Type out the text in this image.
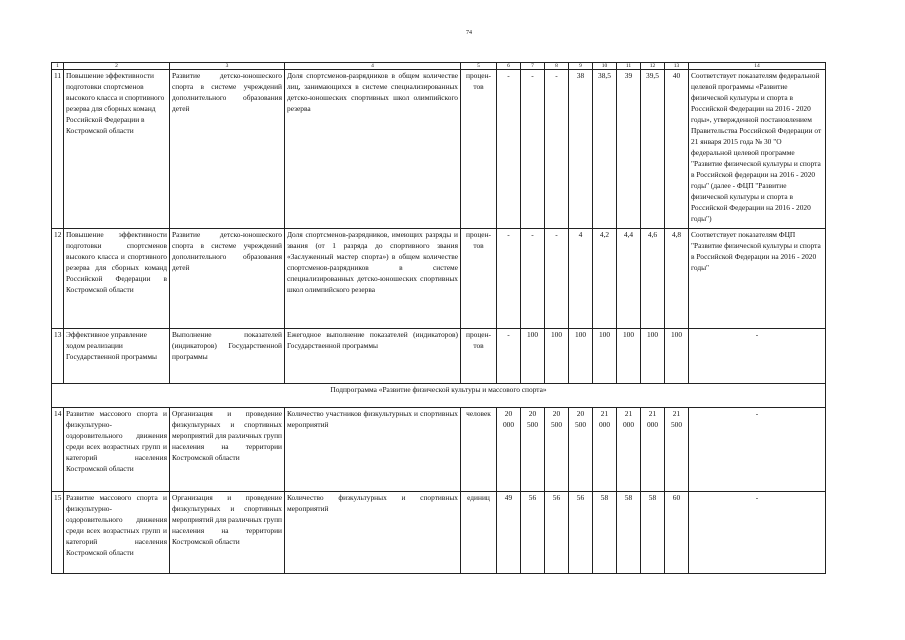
74
1	2	3	4	5	6	7	8	9	10	11	12	13	14
11	Повышение эффективности подготовки спортсменов высокого класса и спортивного резерва для сборных команд Российской Федерации в Костромской области	Развитие детско-юношеского спорта в системе учреждений дополнительного образования детей	Доля спортсменов-разрядников в общем количестве лиц, занимающихся в системе специализированных детско-юношеских спортивных школ олимпийского резерва	процен-тов	-	-	-	38	38,5	39	39,5	40	Соответствует показателям федеральной целевой программы «Развитие физической культуры и спорта в Российской Федерации на 2016 - 2020 годы», утвержденной постановлением Правительства Российской Федерации от 21 января 2015 года № 30 "О федеральной целевой программе "Развитие физической культуры и спорта в Российской федерации на 2016 - 2020 годы" (далее - ФЦП "Развитие физической культуры и спорта в Российской Федерации на 2016 - 2020 годы")
12	Повышение эффективности подготовки спортсменов высокого класса и спортивного резерва для сборных команд Российской Федерации в Костромской области	Развитие детско-юношеского спорта в системе учреждений дополнительного образования детей	Доля спортсменов-разрядников, имеющих разряды и звания (от 1 разряда до спортивного звания «Заслуженный мастер спорта») в общем количестве спортсменов-разрядников в системе специализированных детско-юношеских спортивных школ олимпийского резерва	процен-тов	-	-	-	4	4,2	4,4	4,6	4,8	Соответствует показателям ФЦП "Развитие физической культуры и спорта в Российской Федерации на 2016 - 2020 годы"
13	Эффективное управление ходом реализации Государственной программы	Выполнение показателей (индикаторов) Государственной программы	Ежегодное выполнение показателей (индикаторов) Государственной программы	процен-тов	-	100	100	100	100	100	100	100	-
Подпрограмма «Развитие физической культуры и массового спорта»													
14	Развитие массового спорта и физкультурно-оздоровительного движения среди всех возрастных групп и категорий населения Костромской области	Организация и проведение физкультурных и спортивных мероприятий для различных групп населения на территории Костромской области	Количество участников физкультурных и спортивных мероприятий	человек	20 000	20 500	20 500	20 500	21 000	21 000	21 000	21 500	-
15	Развитие массового спорта и физкультурно-оздоровительного движения среди всех возрастных групп и категорий населения Костромской области	Организация и проведение физкультурных и спортивных мероприятий для различных групп населения на территории Костромской области	Количество физкультурных и спортивных мероприятий	единиц	49	56	56	56	58	58	58	60	-
